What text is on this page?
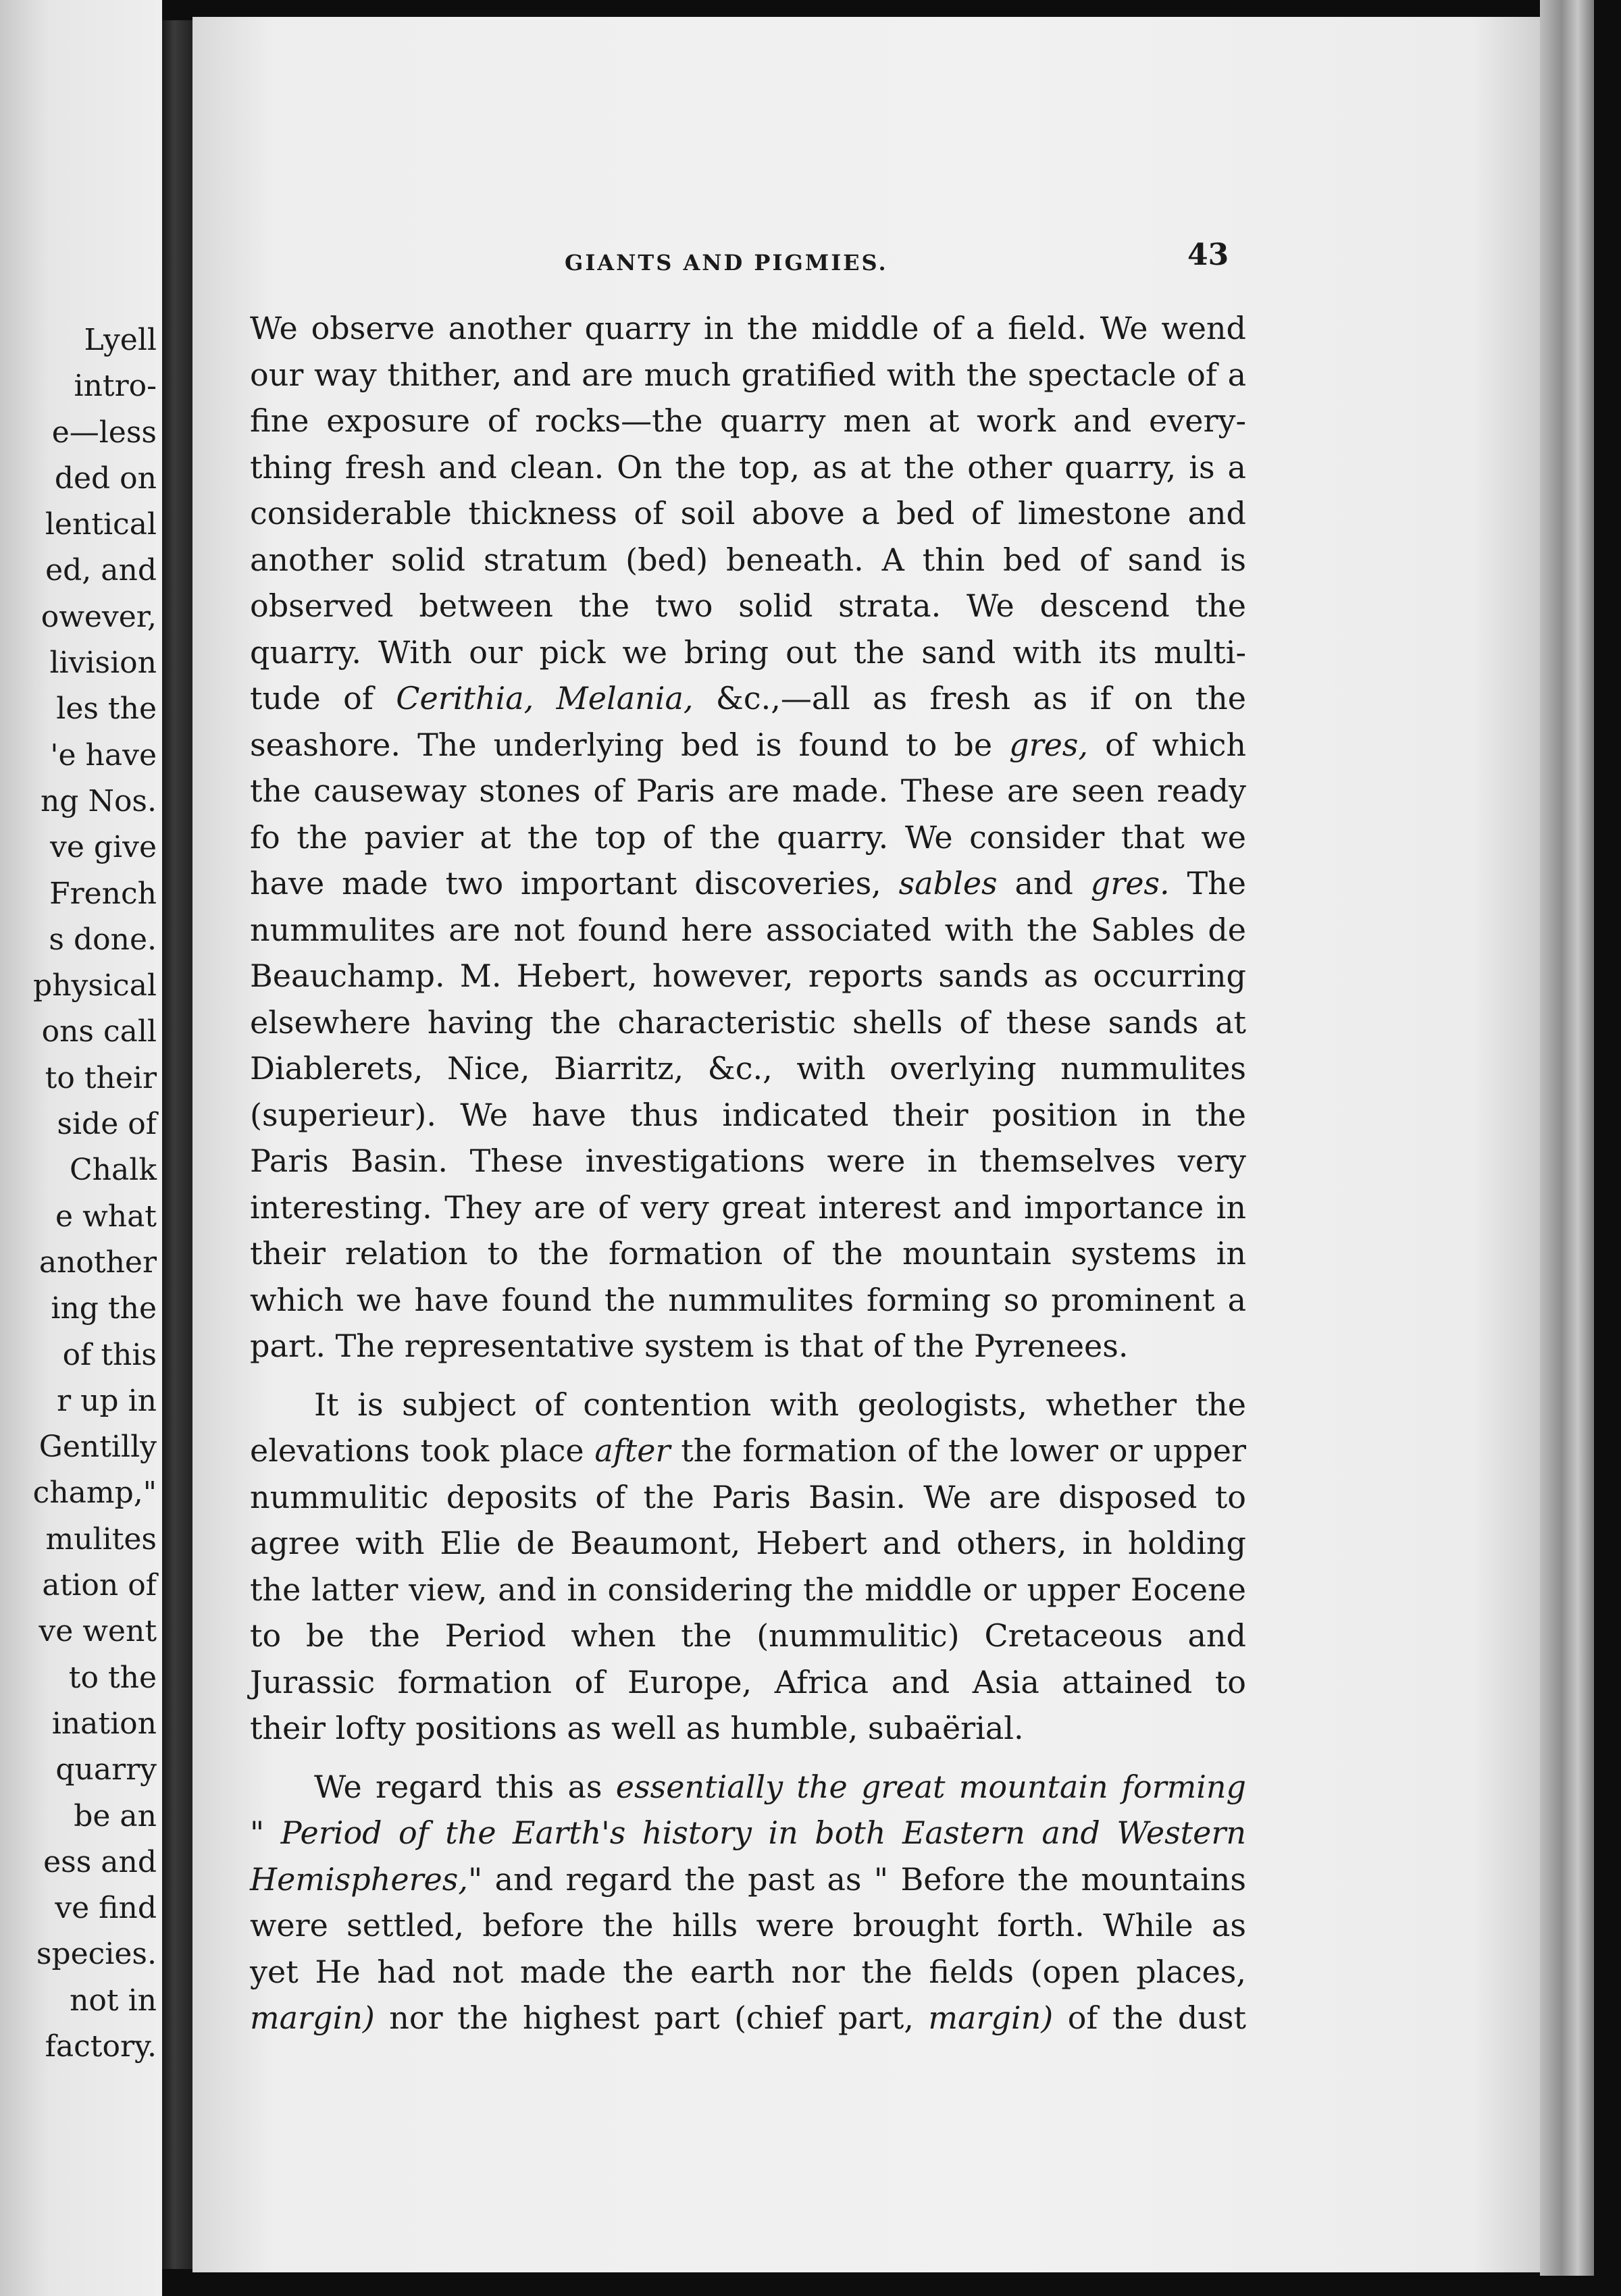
Lyell
intro-
e—less
ded on
lentical
ed, and
owever,
livision
les the
'e have
ng Nos.
ve give
French
s done.
physical
ons call
to their
side of
Chalk
e what
another
ing the
of this
r up in
Gentilly
champ,"
mulites
ation of
ve went
to the
ination
quarry
be an
ess and
ve find
species.
not in
factory.
GIANTS AND PIGMIES.	43
We observe another quarry in the middle of a field. We wend
our way thither, and are much gratified with the spectacle of a
fine exposure of rocks—the quarry men at work and every-
thing fresh and clean. On the top, as at the other quarry, is a
considerable thickness of soil above a bed of limestone and
another solid stratum (bed) beneath. A thin bed of sand is
observed between the two solid strata. We descend the
quarry. With our pick we bring out the sand with its multi-
tude of Cerithia, Melania, &c.,—all as fresh as if on the
seashore. The underlying bed is found to be gres, of which
the causeway stones of Paris are made. These are seen ready
fo the pavier at the top of the quarry. We consider that we
have made two important discoveries, sables and gres. The
nummulites are not found here associated with the Sables de
Beauchamp. M. Hebert, however, reports sands as occurring
elsewhere having the characteristic shells of these sands at
Diablerets, Nice, Biarritz, &c., with overlying nummulites
(superieur). We have thus indicated their position in the
Paris Basin. These investigations were in themselves very
interesting. They are of very great interest and importance in
their relation to the formation of the mountain systems in
which we have found the nummulites forming so prominent a
part. The representative system is that of the Pyrenees.
It is subject of contention with geologists, whether the
elevations took place after the formation of the lower or upper
nummulitic deposits of the Paris Basin. We are disposed to
agree with Elie de Beaumont, Hebert and others, in holding
the latter view, and in considering the middle or upper Eocene
to be the Period when the (nummulitic) Cretaceous and
Jurassic formation of Europe, Africa and Asia attained to
their lofty positions as well as humble, subaërial.
We regard this as essentially the great mountain forming
" Period of the Earth's history in both Eastern and Western
Hemispheres," and regard the past as " Before the mountains
were settled, before the hills were brought forth. While as
yet He had not made the earth nor the fields (open places,
margin) nor the highest part (chief part, margin) of the dust
